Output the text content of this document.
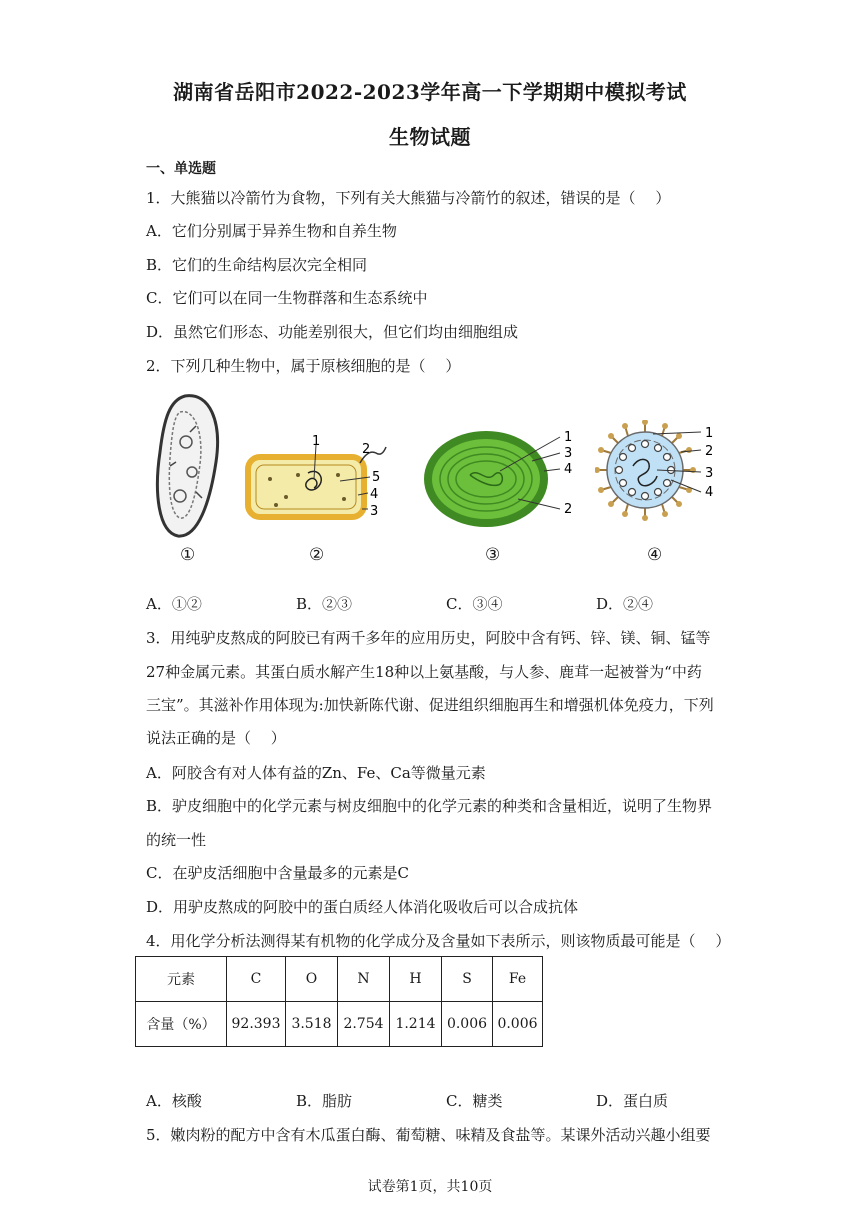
湖南省岳阳市2022-2023学年高一下学期期中模拟考试
生物试题
一、单选题
1．大熊猫以冷箭竹为食物，下列有关大熊猫与冷箭竹的叙述，错误的是（　 ）
A．它们分别属于异养生物和自养生物
B．它们的生命结构层次完全相同
C．它们可以在同一生物群落和生态系统中
D．虽然它们形态、功能差别很大，但它们均由细胞组成
2．下列几种生物中，属于原核细胞的是（　 ）
①
1
2
5
4
3
②
1
3
4
2
③
1
2
3
4
④
A．①②	B．②③	C．③④	D．②④
3．用纯驴皮熬成的阿胶已有两千多年的应用历史，阿胶中含有钙、锌、镁、铜、锰等
27种金属元素。其蛋白质水解产生18种以上氨基酸，与人参、鹿茸一起被誉为“中药
三宝”。其滋补作用体现为:加快新陈代谢、促进组织细胞再生和增强机体免疫力，下列
说法正确的是（　 ）
A．阿胶含有对人体有益的Zn、Fe、Ca等微量元素
B．驴皮细胞中的化学元素与树皮细胞中的化学元素的种类和含量相近，说明了生物界
的统一性
C．在驴皮活细胞中含量最多的元素是C
D．用驴皮熬成的阿胶中的蛋白质经人体消化吸收后可以合成抗体
4．用化学分析法测得某有机物的化学成分及含量如下表所示，则该物质最可能是（　 ）
元素	C	O	N	H	S	Fe
含量（%）	92.393	3.518	2.754	1.214	0.006	0.006
A．核酸	B．脂肪	C．糖类	D．蛋白质
5．嫩肉粉的配方中含有木瓜蛋白酶、葡萄糖、味精及食盐等。某课外活动兴趣小组要
试卷第1页，共10页
